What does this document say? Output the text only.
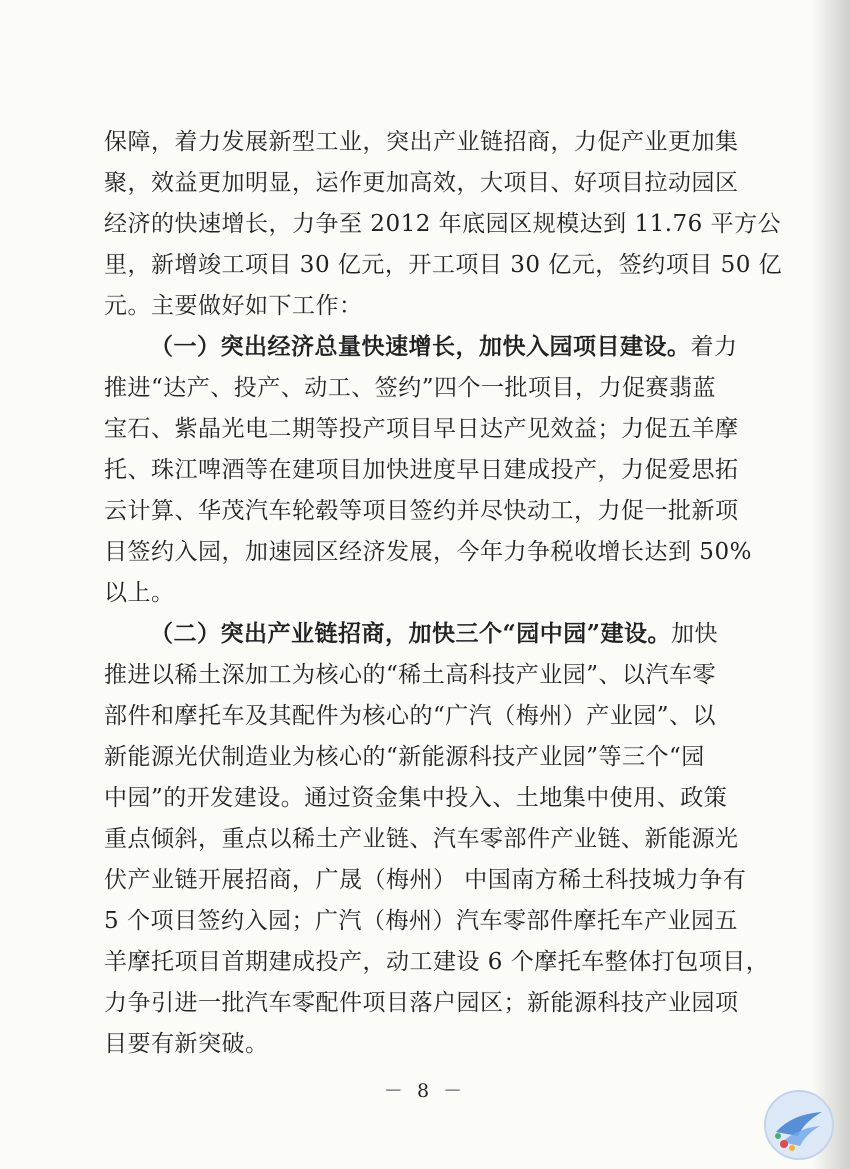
保障，着力发展新型工业，突出产业链招商，力促产业更加集
聚，效益更加明显，运作更加高效，大项目、好项目拉动园区
经济的快速增长，力争至 2012 年底园区规模达到 11.76 平方公
里，新增竣工项目 30 亿元，开工项目 30 亿元，签约项目 50 亿
元。主要做好如下工作：
（一）突出经济总量快速增长，加快入园项目建设。着力
推进“达产、投产、动工、签约”四个一批项目，力促赛翡蓝
宝石、紫晶光电二期等投产项目早日达产见效益；力促五羊摩
托、珠江啤酒等在建项目加快进度早日建成投产，力促爱思拓
云计算、华茂汽车轮毂等项目签约并尽快动工，力促一批新项
目签约入园，加速园区经济发展，今年力争税收增长达到 50%
以上。
（二）突出产业链招商，加快三个“园中园”建设。加快
推进以稀土深加工为核心的“稀土高科技产业园”、以汽车零
部件和摩托车及其配件为核心的“广汽（梅州）产业园”、以
新能源光伏制造业为核心的“新能源科技产业园”等三个“园
中园”的开发建设。通过资金集中投入、土地集中使用、政策
重点倾斜，重点以稀土产业链、汽车零部件产业链、新能源光
伏产业链开展招商，广晟（梅州） 中国南方稀土科技城力争有
5 个项目签约入园；广汽（梅州）汽车零部件摩托车产业园五
羊摩托项目首期建成投产，动工建设 6 个摩托车整体打包项目，
力争引进一批汽车零配件项目落户园区；新能源科技产业园项
目要有新突破。
－ 8 －
